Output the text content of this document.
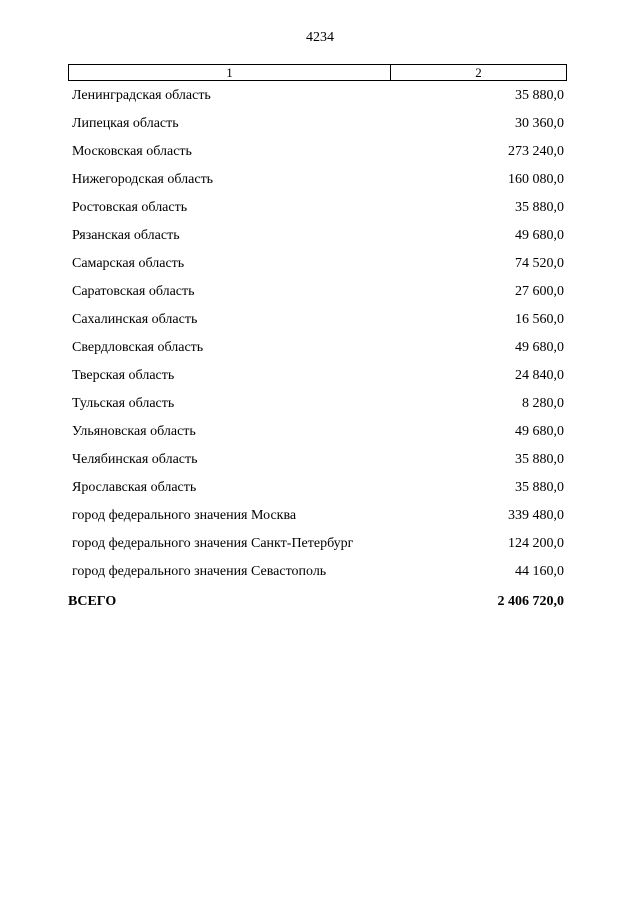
4234
1	2
Ленинградская область	35 880,0
Липецкая область	30 360,0
Московская область	273 240,0
Нижегородская область	160 080,0
Ростовская область	35 880,0
Рязанская область	49 680,0
Самарская область	74 520,0
Саратовская область	27 600,0
Сахалинская область	16 560,0
Свердловская область	49 680,0
Тверская область	24 840,0
Тульская область	8 280,0
Ульяновская область	49 680,0
Челябинская область	35 880,0
Ярославская область	35 880,0
город федерального значения Москва	339 480,0
город федерального значения Санкт-Петербург	124 200,0
город федерального значения Севастополь	44 160,0
ВСЕГО	2 406 720,0
